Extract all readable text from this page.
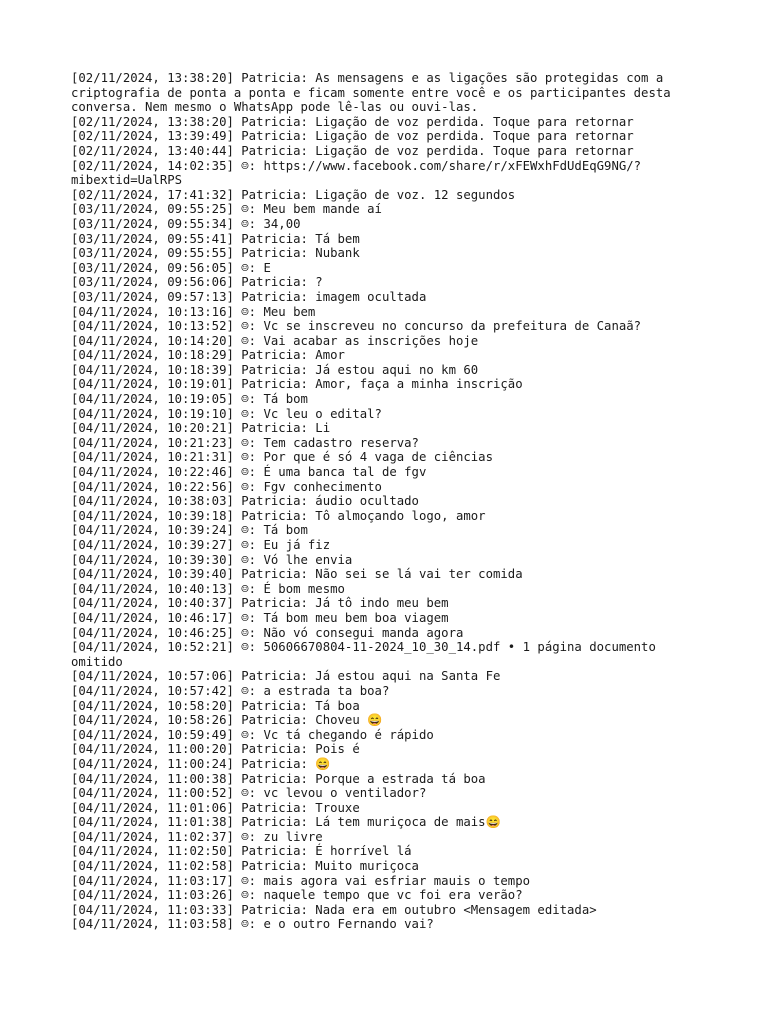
[02/11/2024, 13:38:20] Patricia: As mensagens e as ligações são protegidas com a

criptografia de ponta a ponta e ficam somente entre você e os participantes desta

conversa. Nem mesmo o WhatsApp pode lê-las ou ouvi-las.

[02/11/2024, 13:38:20] Patricia: Ligação de voz perdida. Toque para retornar

[02/11/2024, 13:39:49] Patricia: Ligação de voz perdida. Toque para retornar

[02/11/2024, 13:40:44] Patricia: Ligação de voz perdida. Toque para retornar

[02/11/2024, 14:02:35] ☺: https://www.facebook.com/share/r/xFEWxhFdUdEqG9NG/?

mibextid=UalRPS

[02/11/2024, 17:41:32] Patricia: Ligação de voz. 12 segundos

[03/11/2024, 09:55:25] ☺: Meu bem mande aí

[03/11/2024, 09:55:34] ☺: 34,00

[03/11/2024, 09:55:41] Patricia: Tá bem

[03/11/2024, 09:55:55] Patricia: Nubank

[03/11/2024, 09:56:05] ☺: E

[03/11/2024, 09:56:06] Patricia: ?

[03/11/2024, 09:57:13] Patricia: imagem ocultada

[04/11/2024, 10:13:16] ☺: Meu bem

[04/11/2024, 10:13:52] ☺: Vc se inscreveu no concurso da prefeitura de Canaã?

[04/11/2024, 10:14:20] ☺: Vai acabar as inscrições hoje

[04/11/2024, 10:18:29] Patricia: Amor

[04/11/2024, 10:18:39] Patricia: Já estou aqui no km 60

[04/11/2024, 10:19:01] Patricia: Amor, faça a minha inscrição

[04/11/2024, 10:19:05] ☺: Tá bom

[04/11/2024, 10:19:10] ☺: Vc leu o edital?

[04/11/2024, 10:20:21] Patricia: Li

[04/11/2024, 10:21:23] ☺: Tem cadastro reserva?

[04/11/2024, 10:21:31] ☺: Por que é só 4 vaga de ciências

[04/11/2024, 10:22:46] ☺: É uma banca tal de fgv

[04/11/2024, 10:22:56] ☺: Fgv conhecimento

[04/11/2024, 10:38:03] Patricia: áudio ocultado

[04/11/2024, 10:39:18] Patricia: Tô almoçando logo, amor

[04/11/2024, 10:39:24] ☺: Tá bom

[04/11/2024, 10:39:27] ☺: Eu já fiz

[04/11/2024, 10:39:30] ☺: Vó lhe envia

[04/11/2024, 10:39:40] Patricia: Não sei se lá vai ter comida

[04/11/2024, 10:40:13] ☺: É bom mesmo

[04/11/2024, 10:40:37] Patricia: Já tô indo meu bem

[04/11/2024, 10:46:17] ☺: Tá bom meu bem boa viagem

[04/11/2024, 10:46:25] ☺: Não vó consegui manda agora

[04/11/2024, 10:52:21] ☺: 50606670804-11-2024_10_30_14.pdf • 1 página documento

omitido

[04/11/2024, 10:57:06] Patricia: Já estou aqui na Santa Fe

[04/11/2024, 10:57:42] ☺: a estrada ta boa?

[04/11/2024, 10:58:20] Patricia: Tá boa

[04/11/2024, 10:58:26] Patricia: Choveu 😄

[04/11/2024, 10:59:49] ☺: Vc tá chegando é rápido

[04/11/2024, 11:00:20] Patricia: Pois é

[04/11/2024, 11:00:24] Patricia: 😄

[04/11/2024, 11:00:38] Patricia: Porque a estrada tá boa

[04/11/2024, 11:00:52] ☺: vc levou o ventilador?

[04/11/2024, 11:01:06] Patricia: Trouxe

[04/11/2024, 11:01:38] Patricia: Lá tem muriçoca de mais😄

[04/11/2024, 11:02:37] ☺: zu livre

[04/11/2024, 11:02:50] Patricia: É horrível lá

[04/11/2024, 11:02:58] Patricia: Muito muriçoca

[04/11/2024, 11:03:17] ☺: mais agora vai esfriar mauis o tempo

[04/11/2024, 11:03:26] ☺: naquele tempo que vc foi era verão?

[04/11/2024, 11:03:33] Patricia: Nada era em outubro <Mensagem editada>

[04/11/2024, 11:03:58] ☺: e o outro Fernando vai?
